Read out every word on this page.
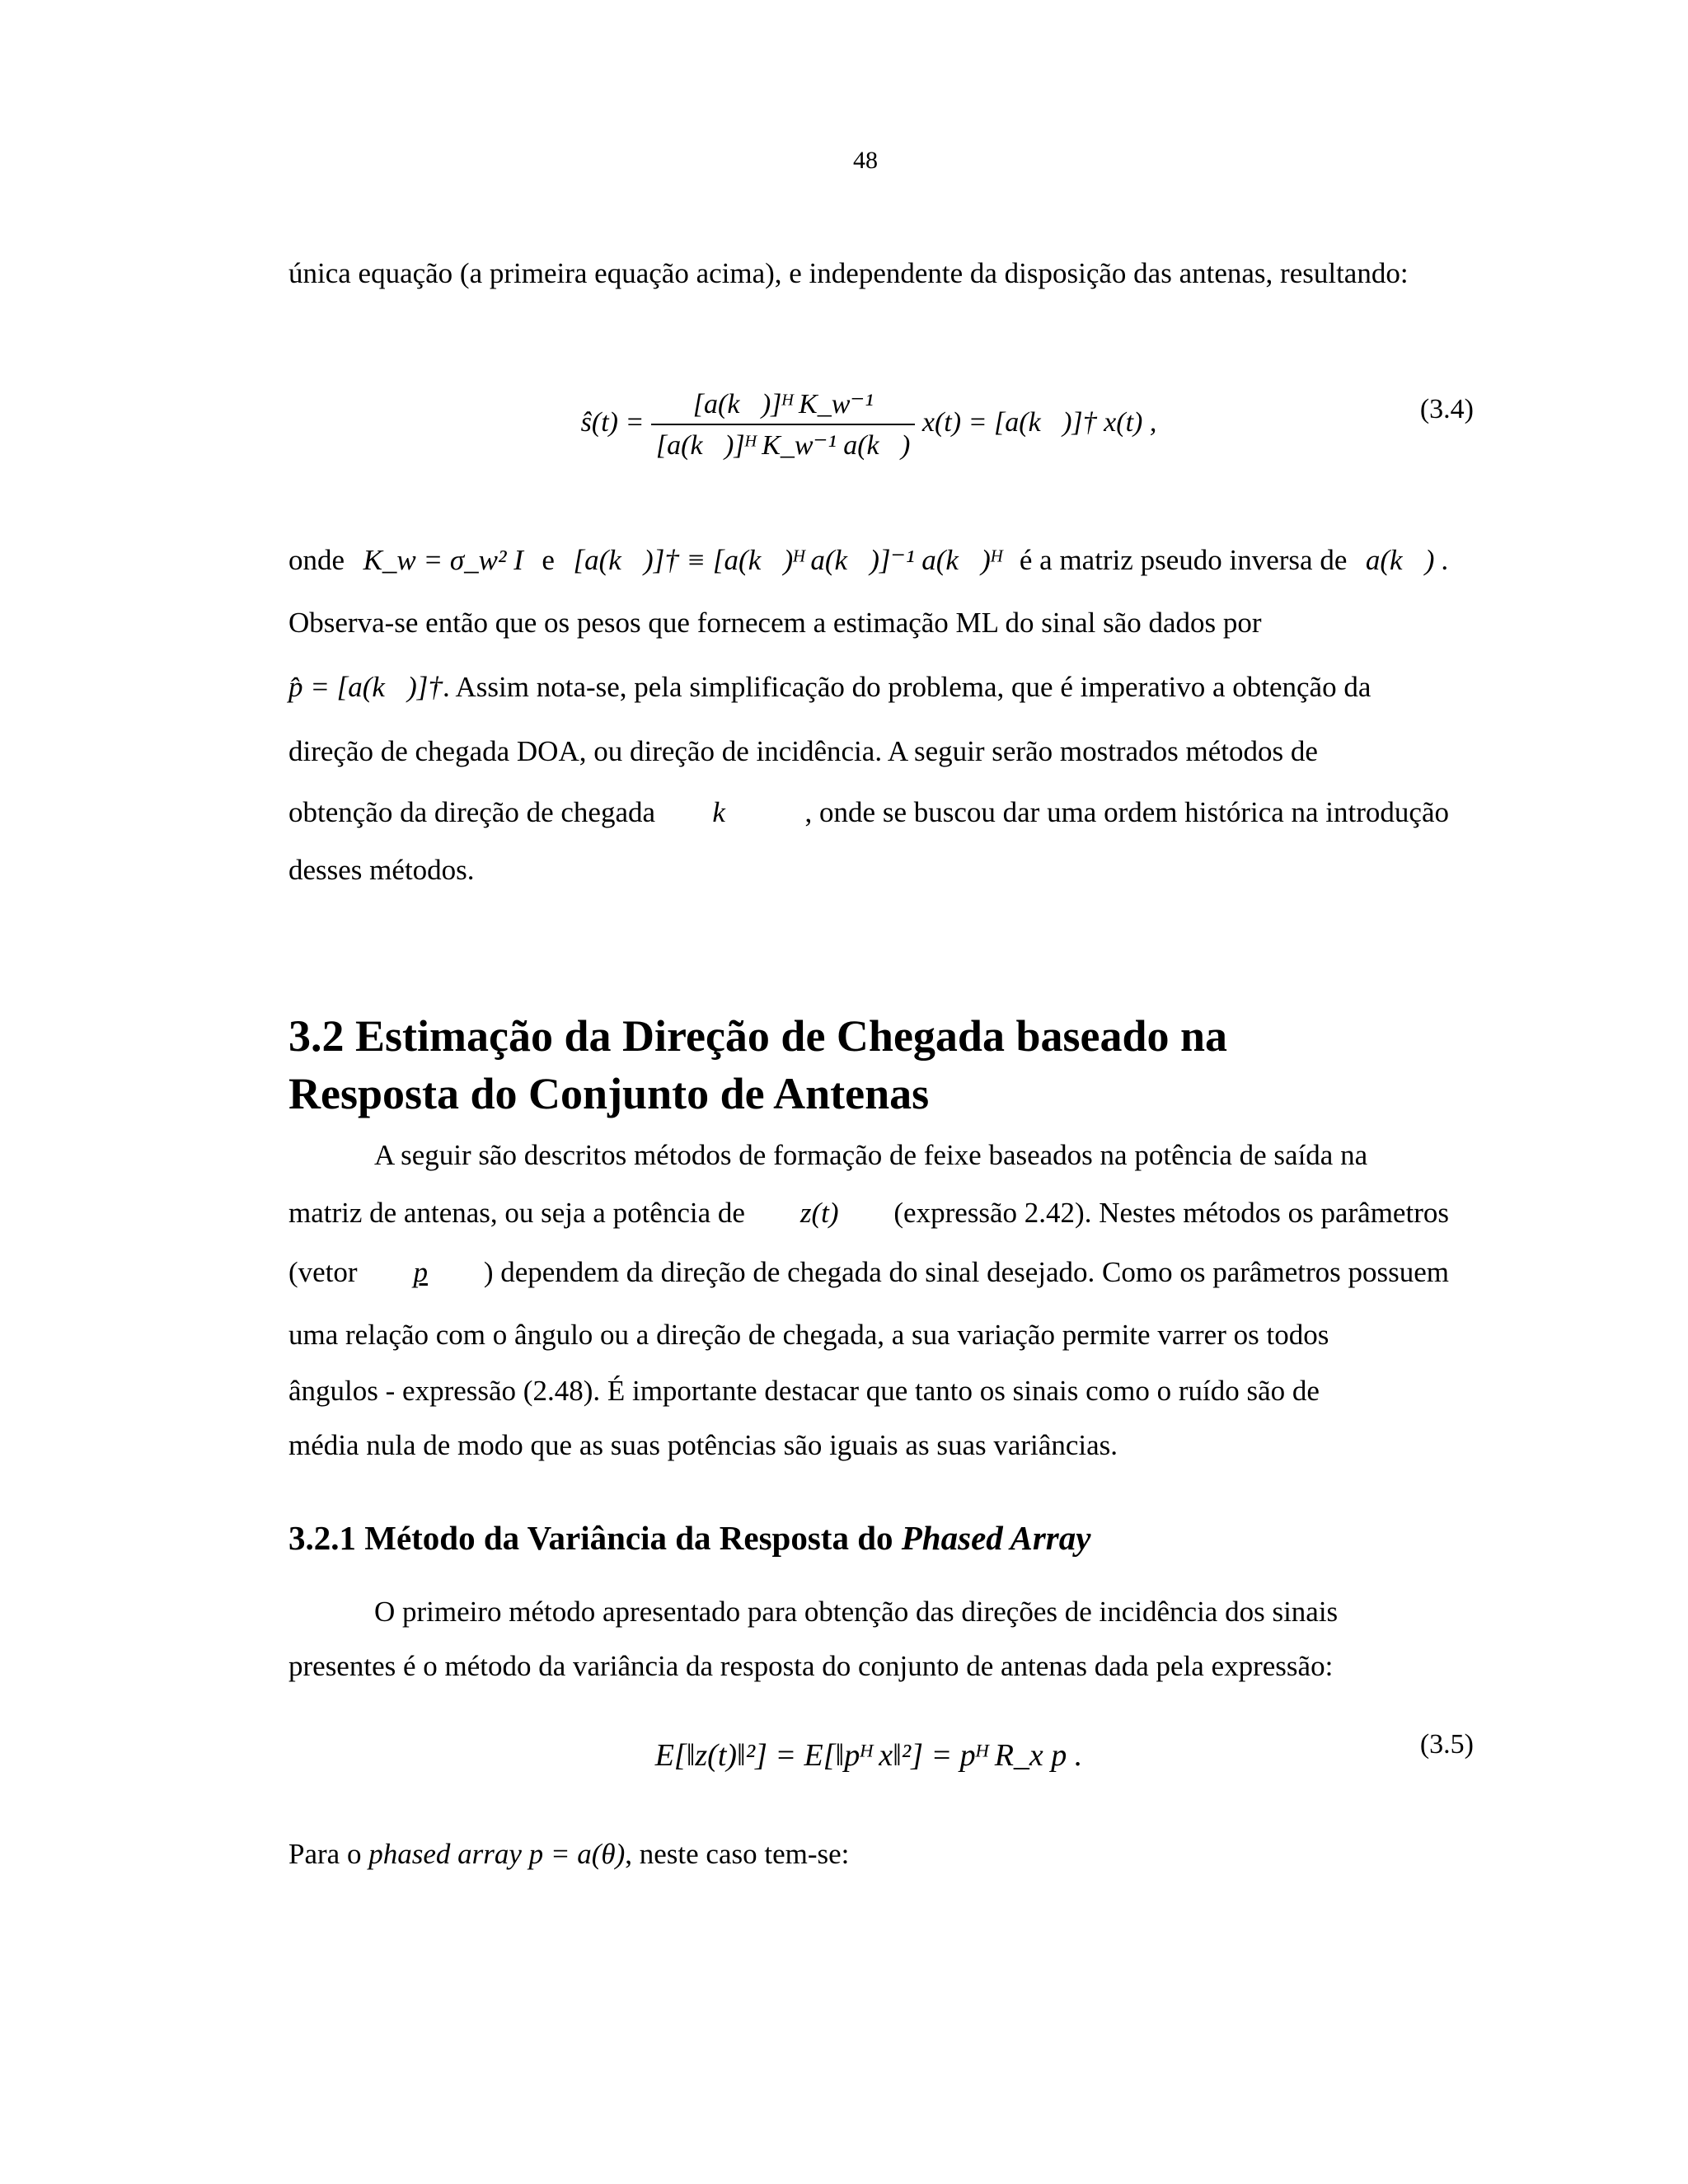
48
única equação (a primeira equação acima), e independente da disposição das antenas, resultando:
ŝ(t) = $\frac{\text{[a(k⃗)]ᴴ K\_w⁻¹}}{\text{[a(k⃗)]ᴴ K\_w⁻¹ a(k⃗)}} x(t)$ = [a(k⃗)]† x(t) ,	(3.4)
onde K_w = σ_w² I e [a(k⃗)]† ≡ [a(k⃗)ᴴ a(k⃗)]⁻¹ a(k⃗)ᴴ é a matriz pseudo inversa de a(k⃗) .
Observa-se então que os pesos que fornecem a estimação ML do sinal são dados por
p̂ = [a(k⃗)]†. Assim nota-se, pela simplificação do problema, que é imperativo a obtenção da
direção de chegada DOA, ou direção de incidência. A seguir serão mostrados métodos de
obtenção da direção de chegada k⃗ , onde se buscou dar uma ordem histórica na introdução
desses métodos.
3.2 Estimação da Direção de Chegada baseado na
Resposta do Conjunto de Antenas
A seguir são descritos métodos de formação de feixe baseados na potência de saída na
matriz de antenas, ou seja a potência de z(t) (expressão 2.42). Nestes métodos os parâmetros
(vetor p ) dependem da direção de chegada do sinal desejado. Como os parâmetros possuem
uma relação com o ângulo ou a direção de chegada, a sua variação permite varrer os todos
ângulos - expressão (2.48). É importante destacar que tanto os sinais como o ruído são de
média nula de modo que as suas potências são iguais as suas variâncias.
3.2.1 Método da Variância da Resposta do Phased Array
O primeiro método apresentado para obtenção das direções de incidência dos sinais
presentes é o método da variância da resposta do conjunto de antenas dada pela expressão:
E[‖z(t)‖²] = E[‖pᴴ x‖²] = pᴴ R_x p .	(3.5)
Para o phased array p = a(θ), neste caso tem-se:
